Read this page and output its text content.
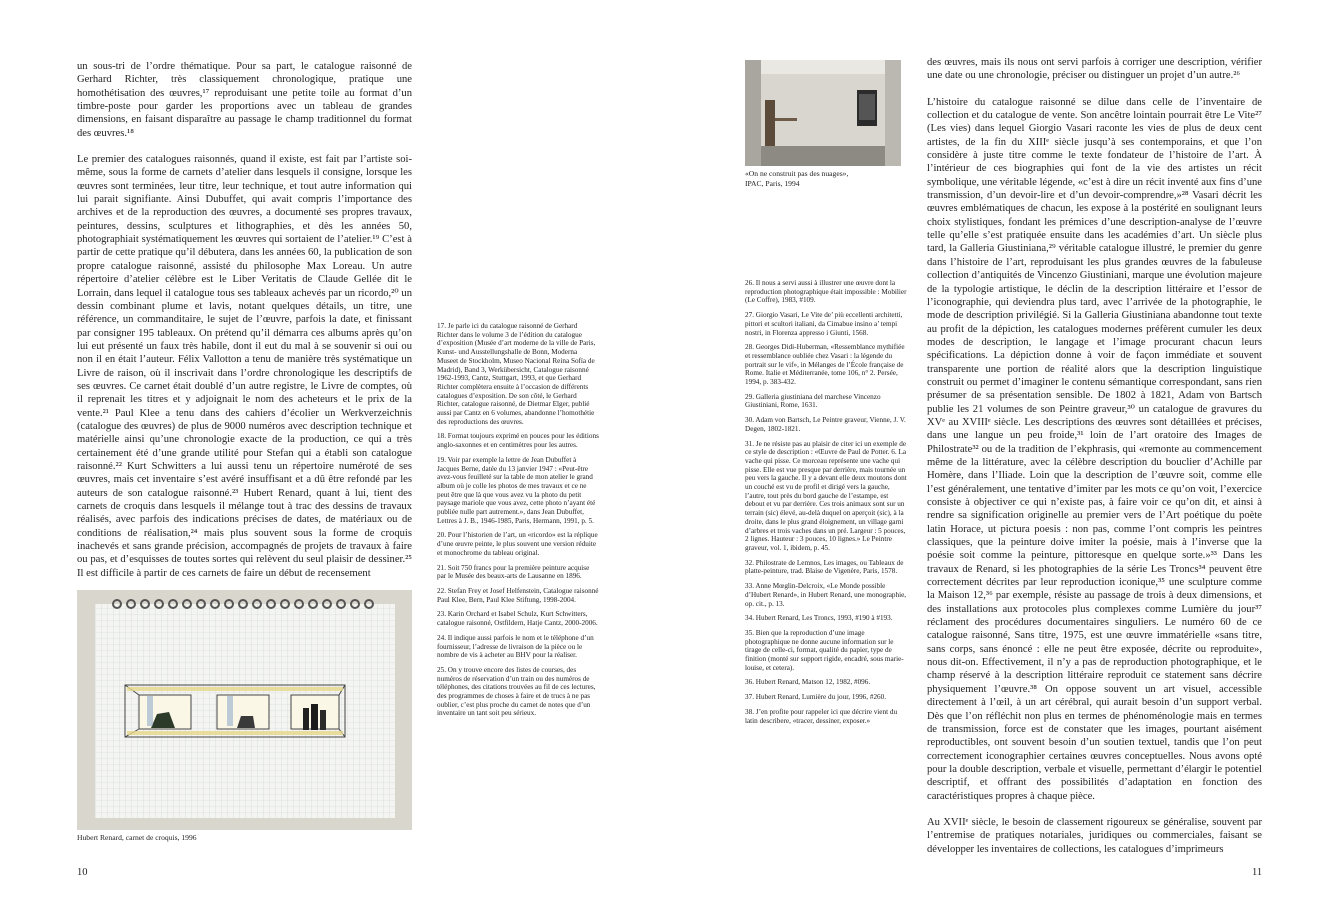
un sous-tri de l’ordre thématique. Pour sa part, le catalogue raisonné de Gerhard Richter, très classiquement chronologique, pratique une homothétisation des œuvres,¹⁷ reproduisant une petite toile au format d’un timbre-poste pour garder les proportions avec un tableau de grandes dimensions, en faisant disparaître au passage le champ traditionnel du format des œuvres.¹⁸

Le premier des catalogues raisonnés, quand il existe, est fait par l’artiste soi-même, sous la forme de carnets d’atelier dans lesquels il consigne, lorsque les œuvres sont terminées, leur titre, leur technique, et tout autre information qui lui parait signifiante. Ainsi Dubuffet, qui avait compris l’importance des archives et de la reproduction des œuvres, a documenté ses propres travaux, peintures, dessins, sculptures et lithographies, et dès les années 50, photographiait systématiquement les œuvres qui sortaient de l’atelier.¹⁹ C’est à partir de cette pratique qu’il débutera, dans les années 60, la publication de son propre catalogue raisonné, assisté du philosophe Max Loreau. Un autre répertoire d’atelier célèbre est le Liber Veritatis de Claude Gellée dit le Lorrain, dans lequel il catalogue tous ses tableaux achevés par un ricordo,²⁰ un dessin combinant plume et lavis, notant quelques détails, un titre, une référence, un commanditaire, le sujet de l’œuvre, parfois la date, et finissant par consigner 195 tableaux. On prétend qu’il démarra ces albums après qu’on lui eut présenté un faux très habile, dont il eut du mal à se souvenir si oui ou non il en était l’auteur. Félix Vallotton a tenu de manière très systématique un Livre de raison, où il inscrivait dans l’ordre chronologique les descriptifs de ses œuvres. Ce carnet était doublé d’un autre registre, le Livre de comptes, où il reprenait les titres et y adjoignait le nom des acheteurs et le prix de la vente.²¹ Paul Klee a tenu dans des cahiers d’écolier un Werkverzeichnis (catalogue des œuvres) de plus de 9000 numéros avec description technique et matérielle ainsi qu’une chronologie exacte de la production, ce qui a très certainement été d’une grande utilité pour Stefan qui a établi son catalogue raisonné.²² Kurt Schwitters a lui aussi tenu un répertoire numéroté de ses œuvres, mais cet inventaire s’est avéré insuffisant et a dû être refondé par les auteurs de son catalogue raisonné.²³ Hubert Renard, quant à lui, tient des carnets de croquis dans lesquels il mélange tout à trac des dessins de travaux réalisés, avec parfois des indications précises de dates, de matériaux ou de conditions de réalisation,²⁴ mais plus souvent sous la forme de croquis inachevés et sans grande précision, accompagnés de projets de travaux à faire ou pas, et d’esquisses de toutes sortes qui relèvent du seul plaisir de dessiner.²⁵ Il est difficile à partir de ces carnets de faire un début de recensement

Hubert Renard, carnet de croquis, 1996
17. Je parle ici du catalogue raisonné de Gerhard Richter dans le volume 3 de l’édition du catalogue d’exposition (Musée d’art moderne de la ville de Paris, Kunst- und Ausstellungshalle de Bonn, Moderna Museet de Stockholm, Museo Nacional Reina Sofía de Madrid), Band 3, Werkübersicht, Catalogue raisonné 1962-1993, Cantz, Stuttgart, 1993, et que Gerhard Richter complètera ensuite à l’occasion de différents catalogues d’exposition. De son côté, le Gerhard Richter, catalogue raisonné, de Dietmar Elger, publié aussi par Cantz en 6 volumes, abandonne l’homothétie des reproductions des œuvres.
18. Format toujours exprimé en pouces pour les éditions anglo-saxonnes et en centimètres pour les autres.
19. Voir par exemple la lettre de Jean Dubuffet à Jacques Berne, datée du 13 janvier 1947 : «Peut-être avez-vous feuilleté sur la table de mon atelier le grand album où je colle les photos de mes travaux et ce ne peut être que là que vous avez vu la photo du petit paysage mariole que vous avez, cette photo n’ayant été publiée nulle part autrement.», dans Jean Dubuffet, Lettres à J. B., 1946-1985, Paris, Hermann, 1991, p. 5.
20. Pour l’historien de l’art, un «ricordo» est la réplique d’une œuvre peinte, le plus souvent une version réduite et monochrome du tableau original.
21. Soit 750 francs pour la première peinture acquise par le Musée des beaux-arts de Lausanne en 1896.
22. Stefan Frey et Josef Helfenstein, Catalogue raisonné Paul Klee, Bern, Paul Klee Stiftung, 1998-2004.
23. Karin Orchard et Isabel Schulz, Kurt Schwitters, catalogue raisonné, Ostfildern, Hatje Cantz, 2000-2006.
24. Il indique aussi parfois le nom et le téléphone d’un fournisseur, l’adresse de livraison de la pièce ou le nombre de vis à acheter au BHV pour la réaliser.
25. On y trouve encore des listes de courses, des numéros de réservation d’un train ou des numéros de téléphones, des citations trouvées au fil de ces lectures, des programmes de choses à faire et de trucs à ne pas oublier, c’est plus proche du carnet de notes que d’un inventaire un tant soit peu sérieux.
10
«On ne construit pas des nuages»,
IPAC, Paris, 1994
26. Il nous a servi aussi à illustrer une œuvre dont la reproduction photographique était impossible : Mobilier (Le Coffre), 1983, #109.
27. Giorgio Vasari, Le Vite de’ più eccellenti architetti, pittori et scultori italiani, da Cimabue insino a’ tempi nostri, in Florenza appresso i Giunti, 1568.
28. Georges Didi-Huberman, «Ressemblance mythifiée et ressemblance oubliée chez Vasari : la légende du portrait sur le vif», in Mélanges de l’École française de Rome. Italie et Méditerranée, tome 106, n° 2. Persée, 1994, p. 383-432.
29. Galleria giustiniana del marchese Vincenzo Giustiniani, Rome, 1631.
30. Adam von Bartsch, Le Peintre graveur, Vienne, J. V. Degen, 1802-1821.
31. Je ne résiste pas au plaisir de citer ici un exemple de ce style de description : «Œuvre de Paul de Potter. 6. La vache qui pisse. Ce morceau représente une vache qui pisse. Elle est vue presque par derrière, mais tournée un peu vers la gauche. Il y a devant elle deux moutons dont un couché est vu de profil et dirigé vers la gauche, l’autre, tout près du bord gauche de l’estampe, est debout et vu par derrière. Ces trois animaux sont sur un terrain (sic) élevé, au-delà duquel on aperçoit (sic), à la droite, dans le plus grand éloignement, un village garni d’arbres et trois vaches dans un pré. Largeur : 5 pouces, 2 lignes. Hauteur : 3 pouces, 10 lignes.» Le Peintre graveur, vol. 1, ibidem, p. 45.
32. Philostrate de Lemnos, Les images, ou Tableaux de platte-peinture, trad. Blaise de Vigenère, Paris, 1578.
33. Anne Mœglin-Delcroix, «Le Monde possible d’Hubert Renard», in Hubert Renard, une monographie, op. cit., p. 13.
34. Hubert Renard, Les Troncs, 1993, #190 à #193.
35. Bien que la reproduction d’une image photographique ne donne aucune information sur le tirage de celle-ci, format, qualité du papier, type de finition (monté sur support rigide, encadré, sous marie-louise, et cetera).
36. Hubert Renard, Matson 12, 1982, #096.
37. Hubert Renard, Lumière du jour, 1996, #260.
38. J’en profite pour rappeler ici que décrire vient du latin describere, «tracer, dessiner, exposer.»

des œuvres, mais ils nous ont servi parfois à corriger une description, vérifier une date ou une chronologie, préciser ou distinguer un projet d’un autre.²⁶

L’histoire du catalogue raisonné se dilue dans celle de l’inventaire de collection et du catalogue de vente. Son ancêtre lointain pourrait être Le Vite²⁷ (Les vies) dans lequel Giorgio Vasari raconte les vies de plus de deux cent artistes, de la fin du XIIIᵉ siècle jusqu’à ses contemporains, et que l’on considère à juste titre comme le texte fondateur de l’histoire de l’art. À l’intérieur de ces biographies qui font de la vie des artistes un récit symbolique, une véritable légende, «c’est à dire un récit inventé aux fins d’une transmission, d’un devoir-lire et d’un devoir-comprendre,»²⁸ Vasari décrit les œuvres emblématiques de chacun, les expose à la postérité en soulignant leurs choix stylistiques, fondant les prémices d’une description-analyse de l’œuvre telle qu’elle s’est pratiquée ensuite dans les académies d’art. Un siècle plus tard, la Galleria Giustiniana,²⁹ véritable catalogue illustré, le premier du genre dans l’histoire de l’art, reproduisant les plus grandes œuvres de la fabuleuse collection d’antiquités de Vincenzo Giustiniani, marque une évolution majeure de la typologie artistique, le déclin de la description littéraire et l’essor de l’iconographie, qui deviendra plus tard, avec l’arrivée de la photographie, le mode de description privilégié. Si la Galleria Giustiniana abandonne tout texte au profit de la dépiction, les catalogues modernes préfèrent cumuler les deux modes de description, le langage et l’image procurant chacun leurs spécifications. La dépiction donne à voir de façon immédiate et souvent transparente une portion de réalité alors que la description linguistique construit ou permet d’imaginer le contenu sémantique correspondant, sans rien présumer de sa présentation sensible. De 1802 à 1821, Adam von Bartsch publie les 21 volumes de son Peintre graveur,³⁰ un catalogue de gravures du XVᵉ au XVIIIᵉ siècle. Les descriptions des œuvres sont détaillées et précises, dans une langue un peu froide,³¹ loin de l’art oratoire des Images de Philostrate³² ou de la tradition de l’ekphrasis, qui «remonte au commencement même de la littérature, avec la célèbre description du bouclier d’Achille par Homère, dans l’Iliade. Loin que la description de l’œuvre soit, comme elle l’est généralement, une tentative d’imiter par les mots ce qu’on voit, l’exercice consiste à objectiver ce qui n’existe pas, à faire voir ce qu’on dit, et ainsi à rendre sa signification originelle au premier vers de l’Art poétique du poète latin Horace, ut pictura poesis : non pas, comme l’ont compris les peintres classiques, que la peinture doive imiter la poésie, mais à l’inverse que la poésie soit comme la peinture, pittoresque en quelque sorte.»³³ Dans les travaux de Renard, si les photographies de la série Les Troncs³⁴ peuvent être correctement décrites par leur reproduction iconique,³⁵ une sculpture comme la Maison 12,³⁶ par exemple, résiste au passage de trois à deux dimensions, et des installations aux protocoles plus complexes comme Lumière du jour³⁷ réclament des procédures documentaires singuliers. Le numéro 60 de ce catalogue raisonné, Sans titre, 1975, est une œuvre immatérielle «sans titre, sans corps, sans énoncé : elle ne peut être exposée, décrite ou reproduite», nous dit-on. Effectivement, il n’y a pas de reproduction photographique, et le champ réservé à la description littéraire reproduit ce statement sans décrire physiquement l’œuvre.³⁸ On oppose souvent un art visuel, accessible directement à l’œil, à un art cérébral, qui aurait besoin d’un support verbal. Dès que l’on réfléchit non plus en termes de phénoménologie mais en termes de transmission, force est de constater que les images, pourtant aisément reproductibles, ont souvent besoin d’un soutien textuel, tandis que l’on peut correctement iconographier certaines œuvres conceptuelles. Nous avons opté pour la double description, verbale et visuelle, permettant d’élargir le potentiel descriptif, et offrant des possibilités d’adaptation en fonction des caractéristiques propres à chaque pièce.

Au XVIIᵉ siècle, le besoin de classement rigoureux se généralise, souvent par l’entremise de pratiques notariales, juridiques ou commerciales, faisant se développer les inventaires de collections, les catalogues d’imprimeurs

11
